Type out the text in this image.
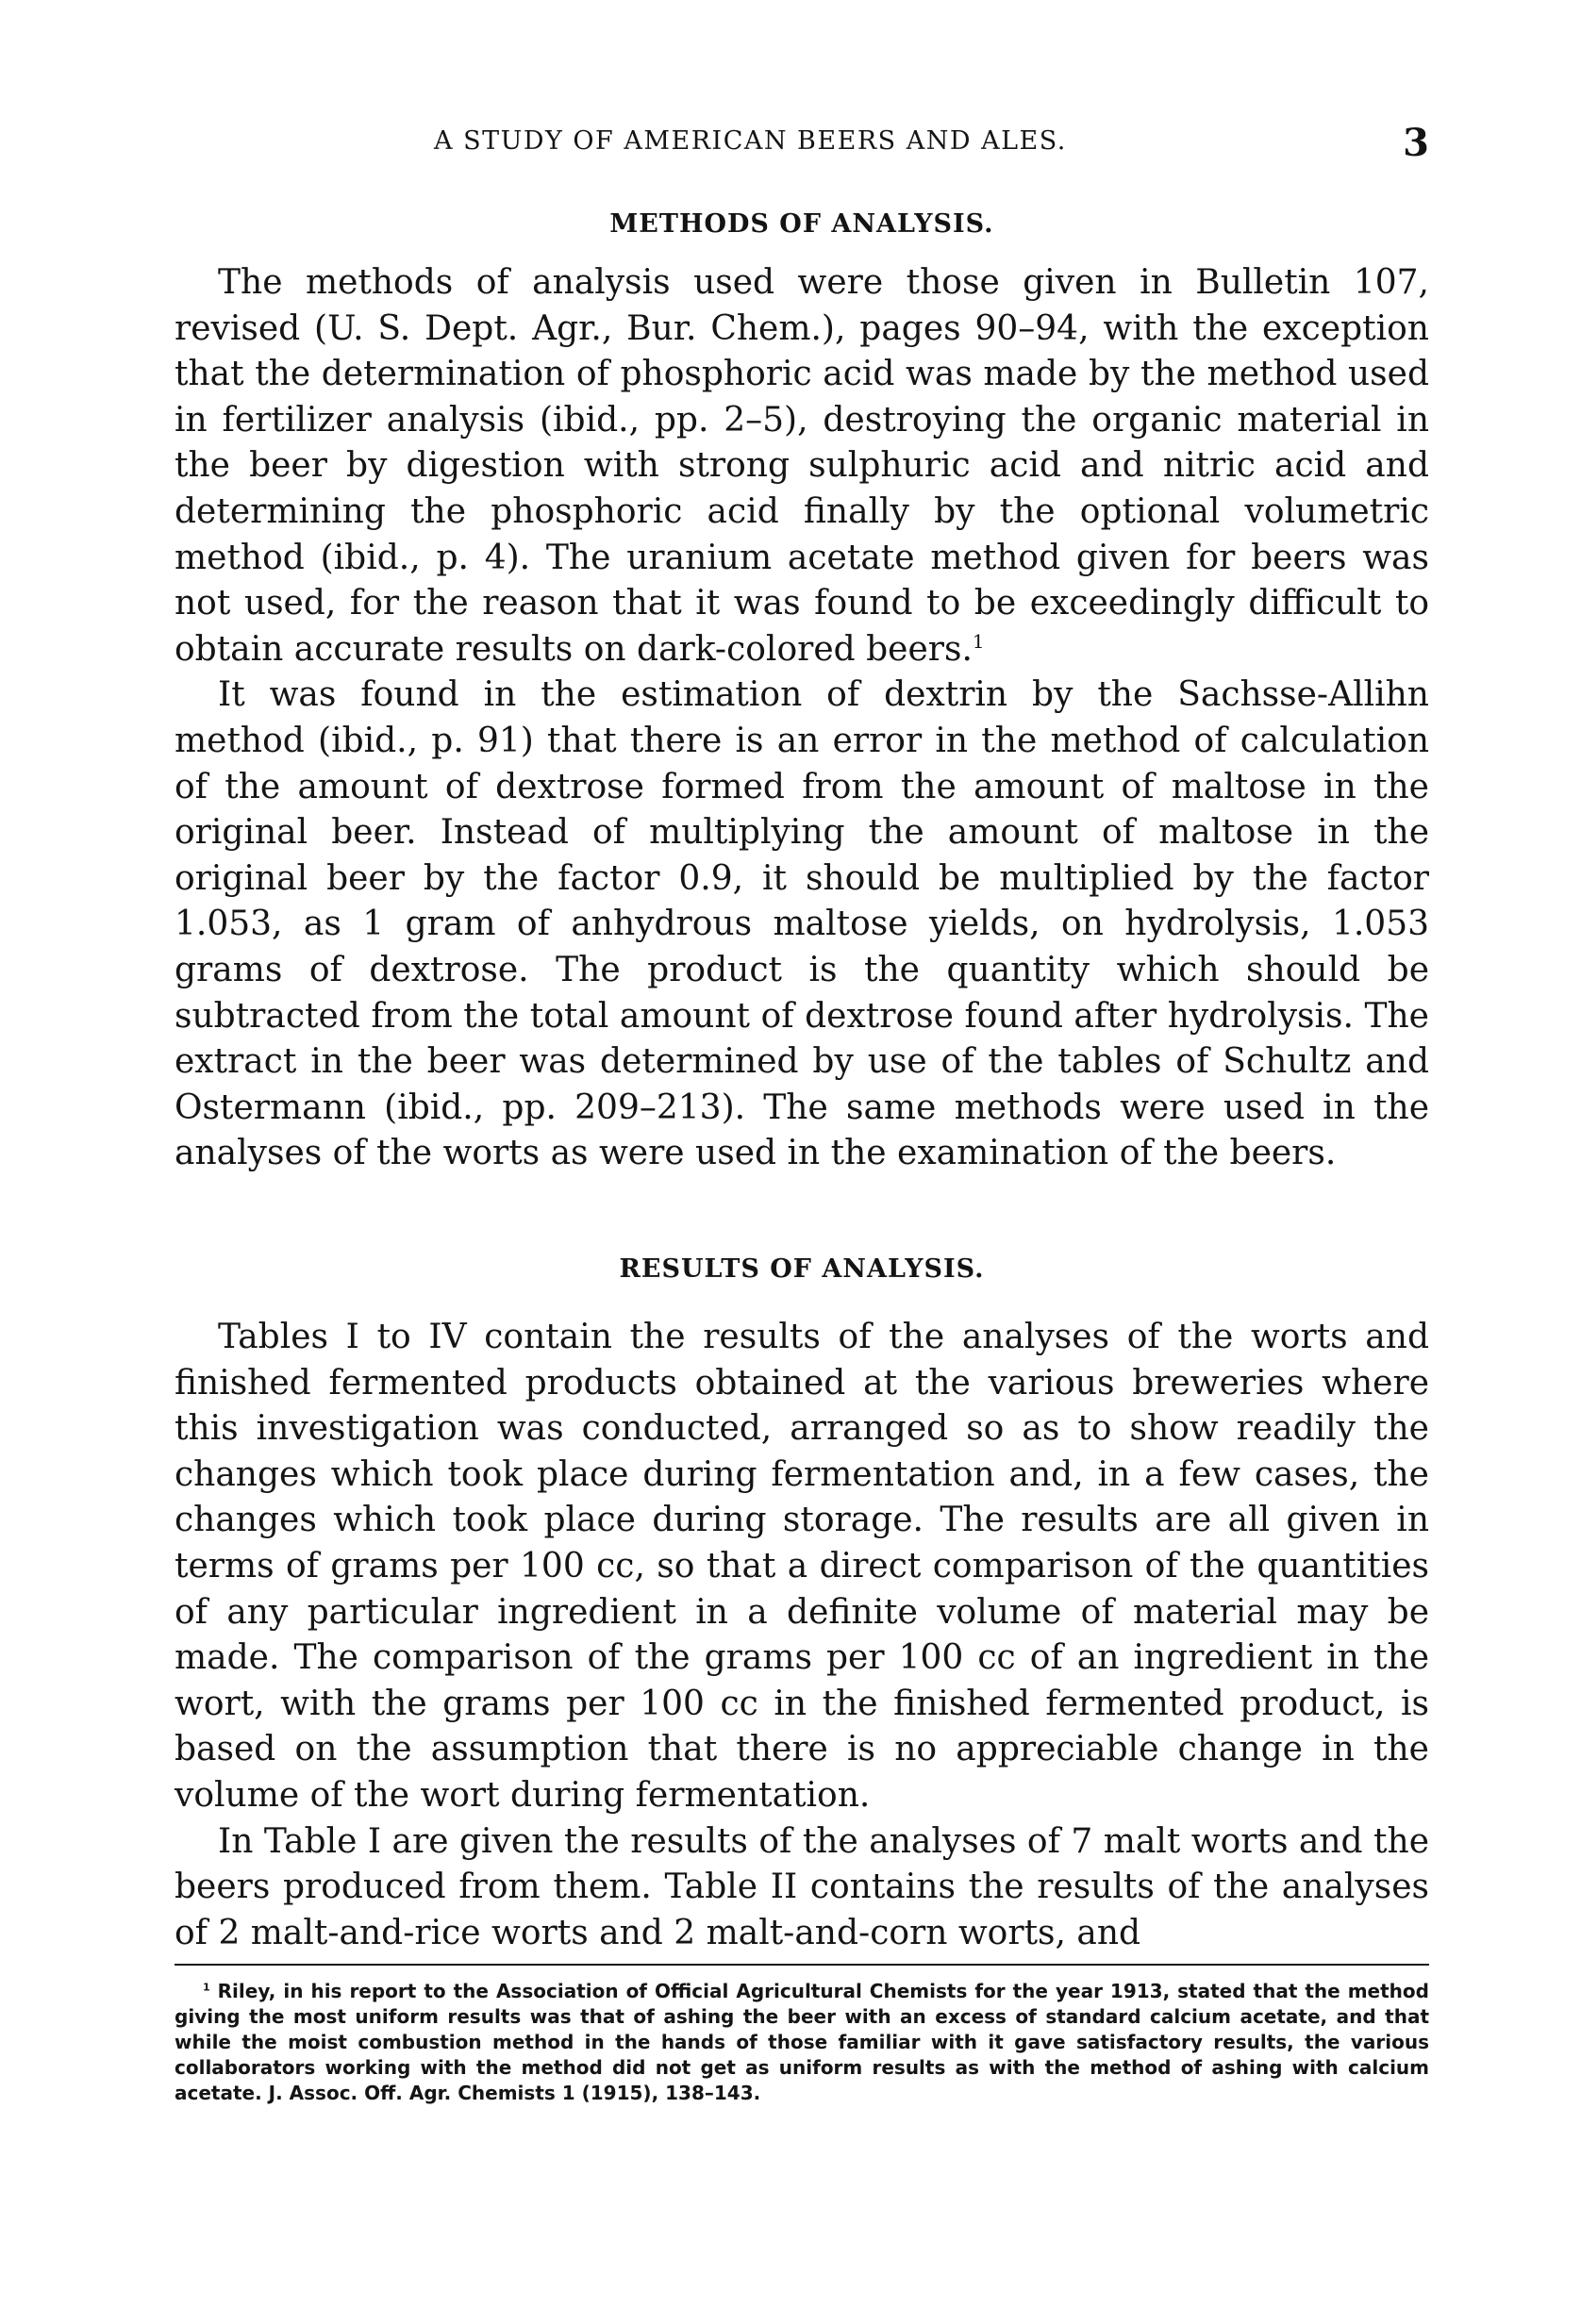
A STUDY OF AMERICAN BEERS AND ALES.	3
METHODS OF ANALYSIS.

The methods of analysis used were those given in Bulletin 107, revised (U. S. Dept. Agr., Bur. Chem.), pages 90–94, with the exception that the determination of phosphoric acid was made by the method used in fertilizer analysis (ibid., pp. 2–5), destroying the organic material in the beer by digestion with strong sulphuric acid and nitric acid and determining the phosphoric acid finally by the optional volumetric method (ibid., p. 4). The uranium acetate method given for beers was not used, for the reason that it was found to be exceedingly difficult to obtain accurate results on dark-colored beers.$^1$

It was found in the estimation of dextrin by the Sachsse-Allihn method (ibid., p. 91) that there is an error in the method of calculation of the amount of dextrose formed from the amount of maltose in the original beer. Instead of multiplying the amount of maltose in the original beer by the factor 0.9, it should be multiplied by the factor 1.053, as 1 gram of anhydrous maltose yields, on hydrolysis, 1.053 grams of dextrose. The product is the quantity which should be subtracted from the total amount of dextrose found after hydrolysis. The extract in the beer was determined by use of the tables of Schultz and Ostermann (ibid., pp. 209–213). The same methods were used in the analyses of the worts as were used in the examination of the beers.

RESULTS OF ANALYSIS.

Tables I to IV contain the results of the analyses of the worts and finished fermented products obtained at the various breweries where this investigation was conducted, arranged so as to show readily the changes which took place during fermentation and, in a few cases, the changes which took place during storage. The results are all given in terms of grams per 100 cc, so that a direct comparison of the quantities of any particular ingredient in a definite volume of material may be made. The comparison of the grams per 100 cc of an ingredient in the wort, with the grams per 100 cc in the finished fermented product, is based on the assumption that there is no appreciable change in the volume of the wort during fermentation.

In Table I are given the results of the analyses of 7 malt worts and the beers produced from them. Table II contains the results of the analyses of 2 malt-and-rice worts and 2 malt-and-corn worts, and

$^1$ Riley, in his report to the Association of Official Agricultural Chemists for the year 1913, stated that the method giving the most uniform results was that of ashing the beer with an excess of standard calcium acetate, and that while the moist combustion method in the hands of those familiar with it gave satisfactory results, the various collaborators working with the method did not get as uniform results as with the method of ashing with calcium acetate. J. Assoc. Off. Agr. Chemists 1 (1915), 138–143.
